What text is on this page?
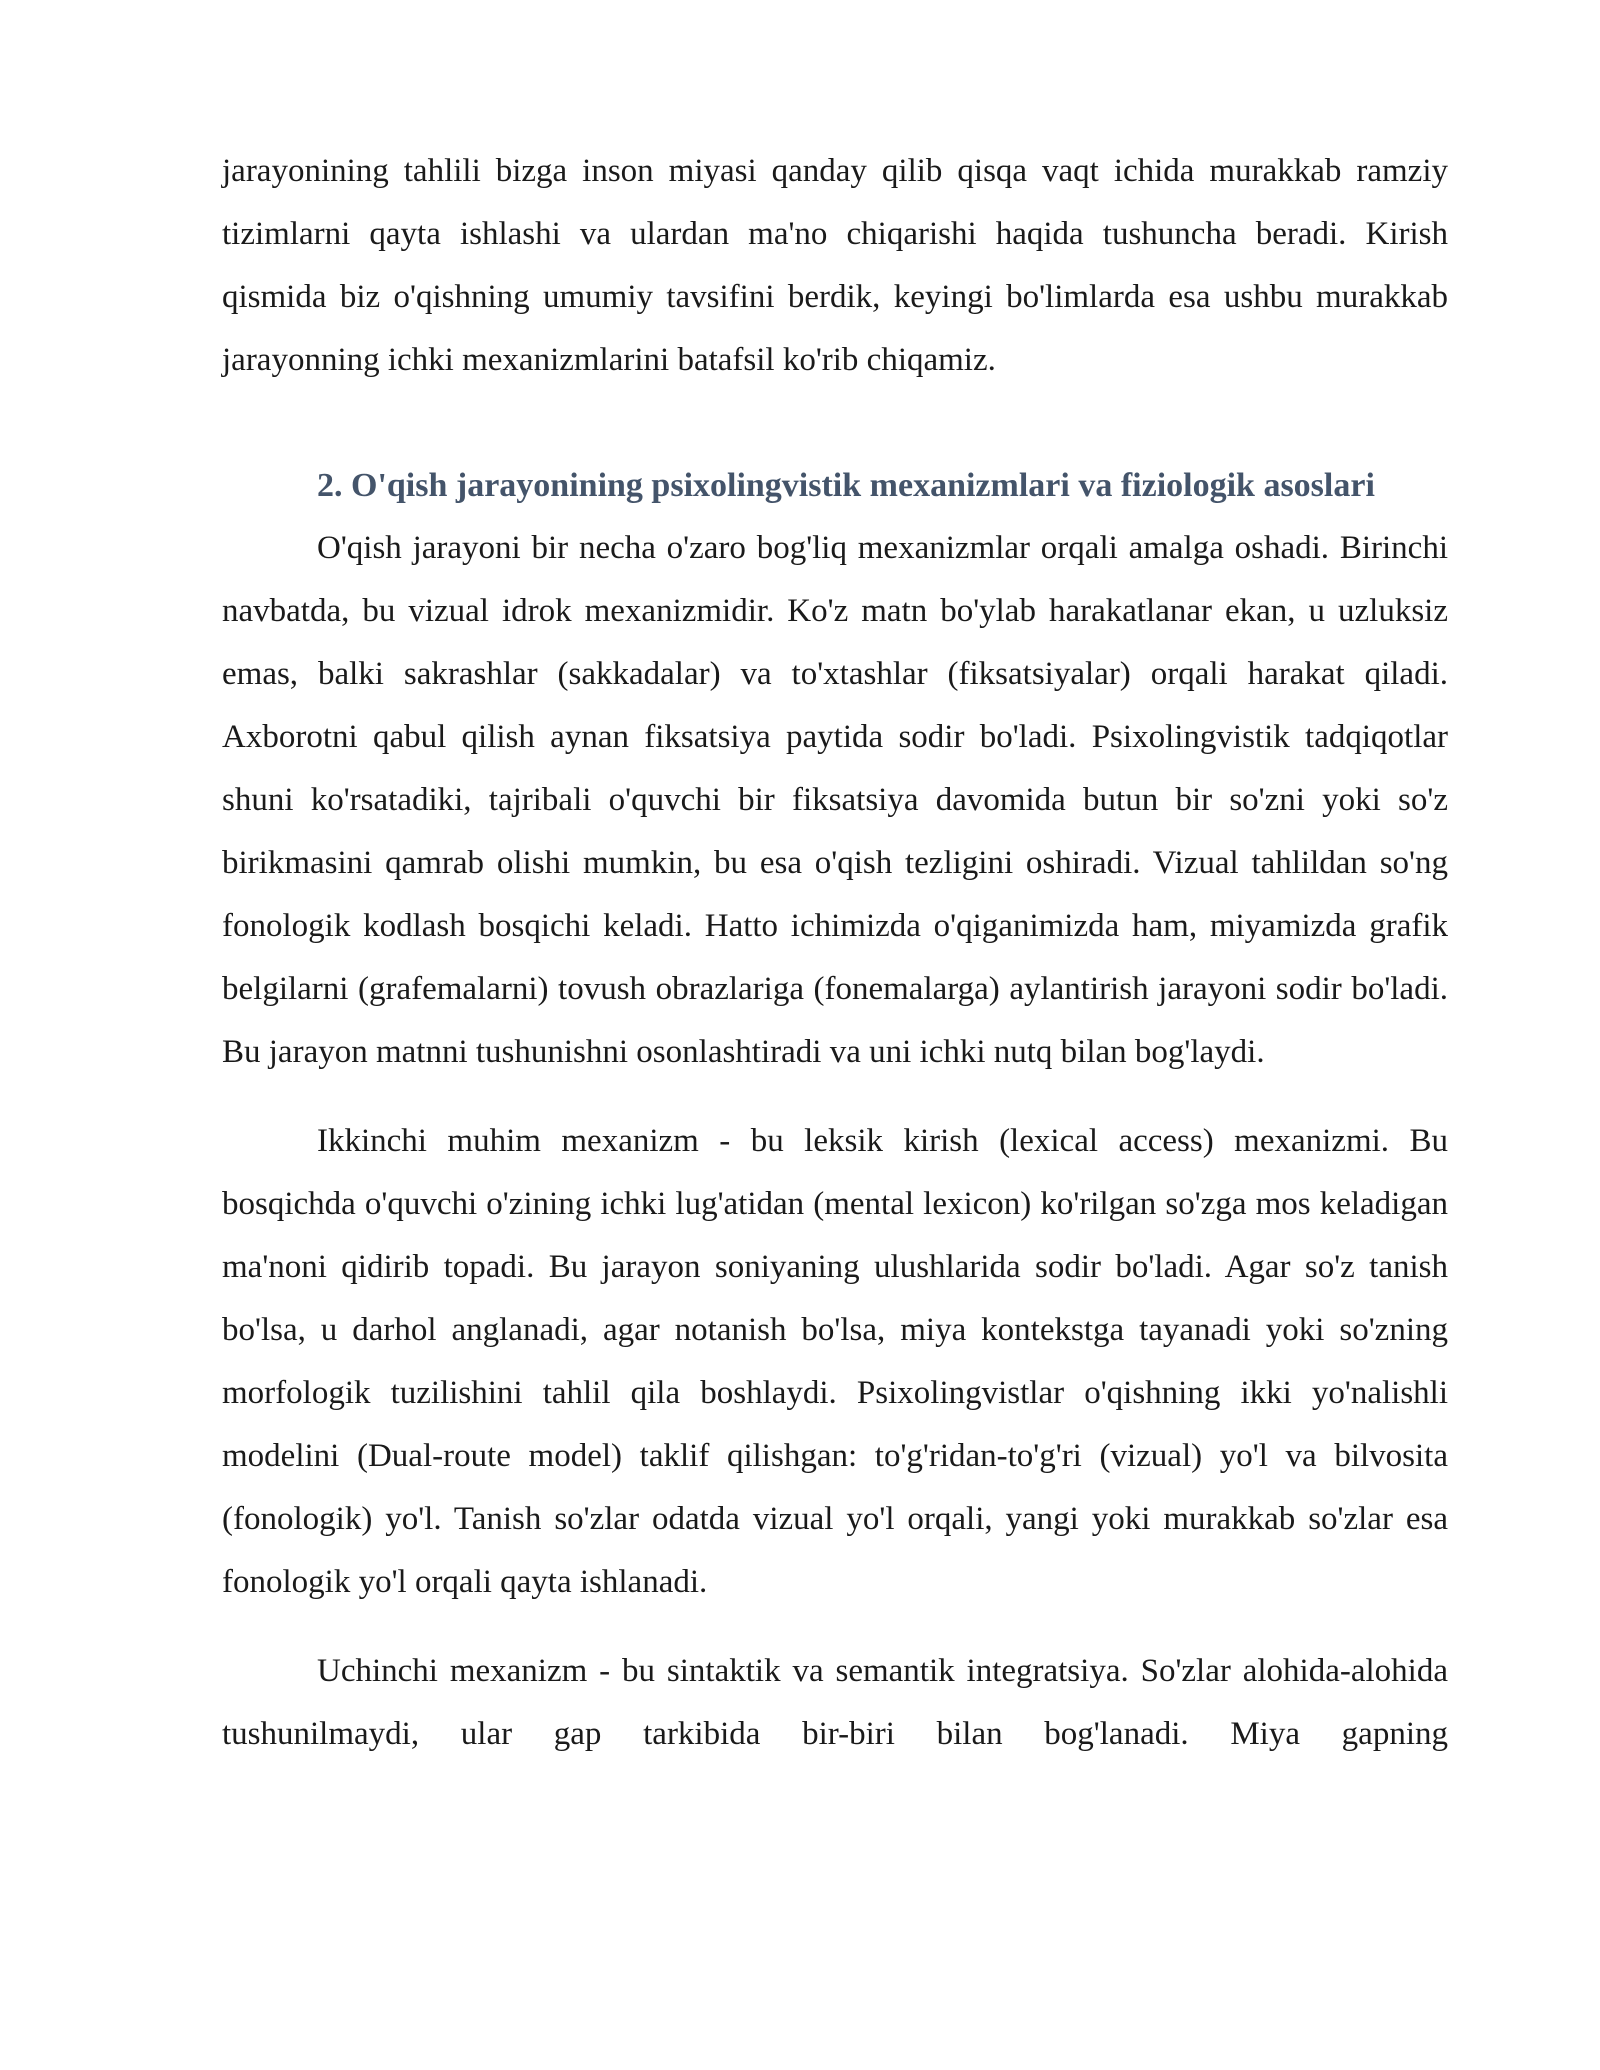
jarayonining tahlili bizga inson miyasi qanday qilib qisqa vaqt ichida murakkab ramziy tizimlarni qayta ishlashi va ulardan ma'no chiqarishi haqida tushuncha beradi. Kirish qismida biz o'qishning umumiy tavsifini berdik, keyingi bo'limlarda esa ushbu murakkab jarayonning ichki mexanizmlarini batafsil ko'rib chiqamiz.

2. O'qish jarayonining psixolingvistik mexanizmlari va fiziologik asoslari

O'qish jarayoni bir necha o'zaro bog'liq mexanizmlar orqali amalga oshadi. Birinchi navbatda, bu vizual idrok mexanizmidir. Ko'z matn bo'ylab harakatlanar ekan, u uzluksiz emas, balki sakrashlar (sakkadalar) va to'xtashlar (fiksatsiyalar) orqali harakat qiladi. Axborotni qabul qilish aynan fiksatsiya paytida sodir bo'ladi. Psixolingvistik tadqiqotlar shuni ko'rsatadiki, tajribali o'quvchi bir fiksatsiya davomida butun bir so'zni yoki so'z birikmasini qamrab olishi mumkin, bu esa o'qish tezligini oshiradi. Vizual tahlildan so'ng fonologik kodlash bosqichi keladi. Hatto ichimizda o'qiganimizda ham, miyamizda grafik belgilarni (grafemalarni) tovush obrazlariga (fonemalarga) aylantirish jarayoni sodir bo'ladi. Bu jarayon matnni tushunishni osonlashtiradi va uni ichki nutq bilan bog'laydi.

Ikkinchi muhim mexanizm - bu leksik kirish (lexical access) mexanizmi. Bu bosqichda o'quvchi o'zining ichki lug'atidan (mental lexicon) ko'rilgan so'zga mos keladigan ma'noni qidirib topadi. Bu jarayon soniyaning ulushlarida sodir bo'ladi. Agar so'z tanish bo'lsa, u darhol anglanadi, agar notanish bo'lsa, miya kontekstga tayanadi yoki so'zning morfologik tuzilishini tahlil qila boshlaydi. Psixolingvistlar o'qishning ikki yo'nalishli modelini (Dual-route model) taklif qilishgan: to'g'ridan-to'g'ri (vizual) yo'l va bilvosita (fonologik) yo'l. Tanish so'zlar odatda vizual yo'l orqali, yangi yoki murakkab so'zlar esa fonologik yo'l orqali qayta ishlanadi.

Uchinchi mexanizm - bu sintaktik va semantik integratsiya. So'zlar alohida-alohida tushunilmaydi, ular gap tarkibida bir-biri bilan bog'lanadi. Miya gapning
